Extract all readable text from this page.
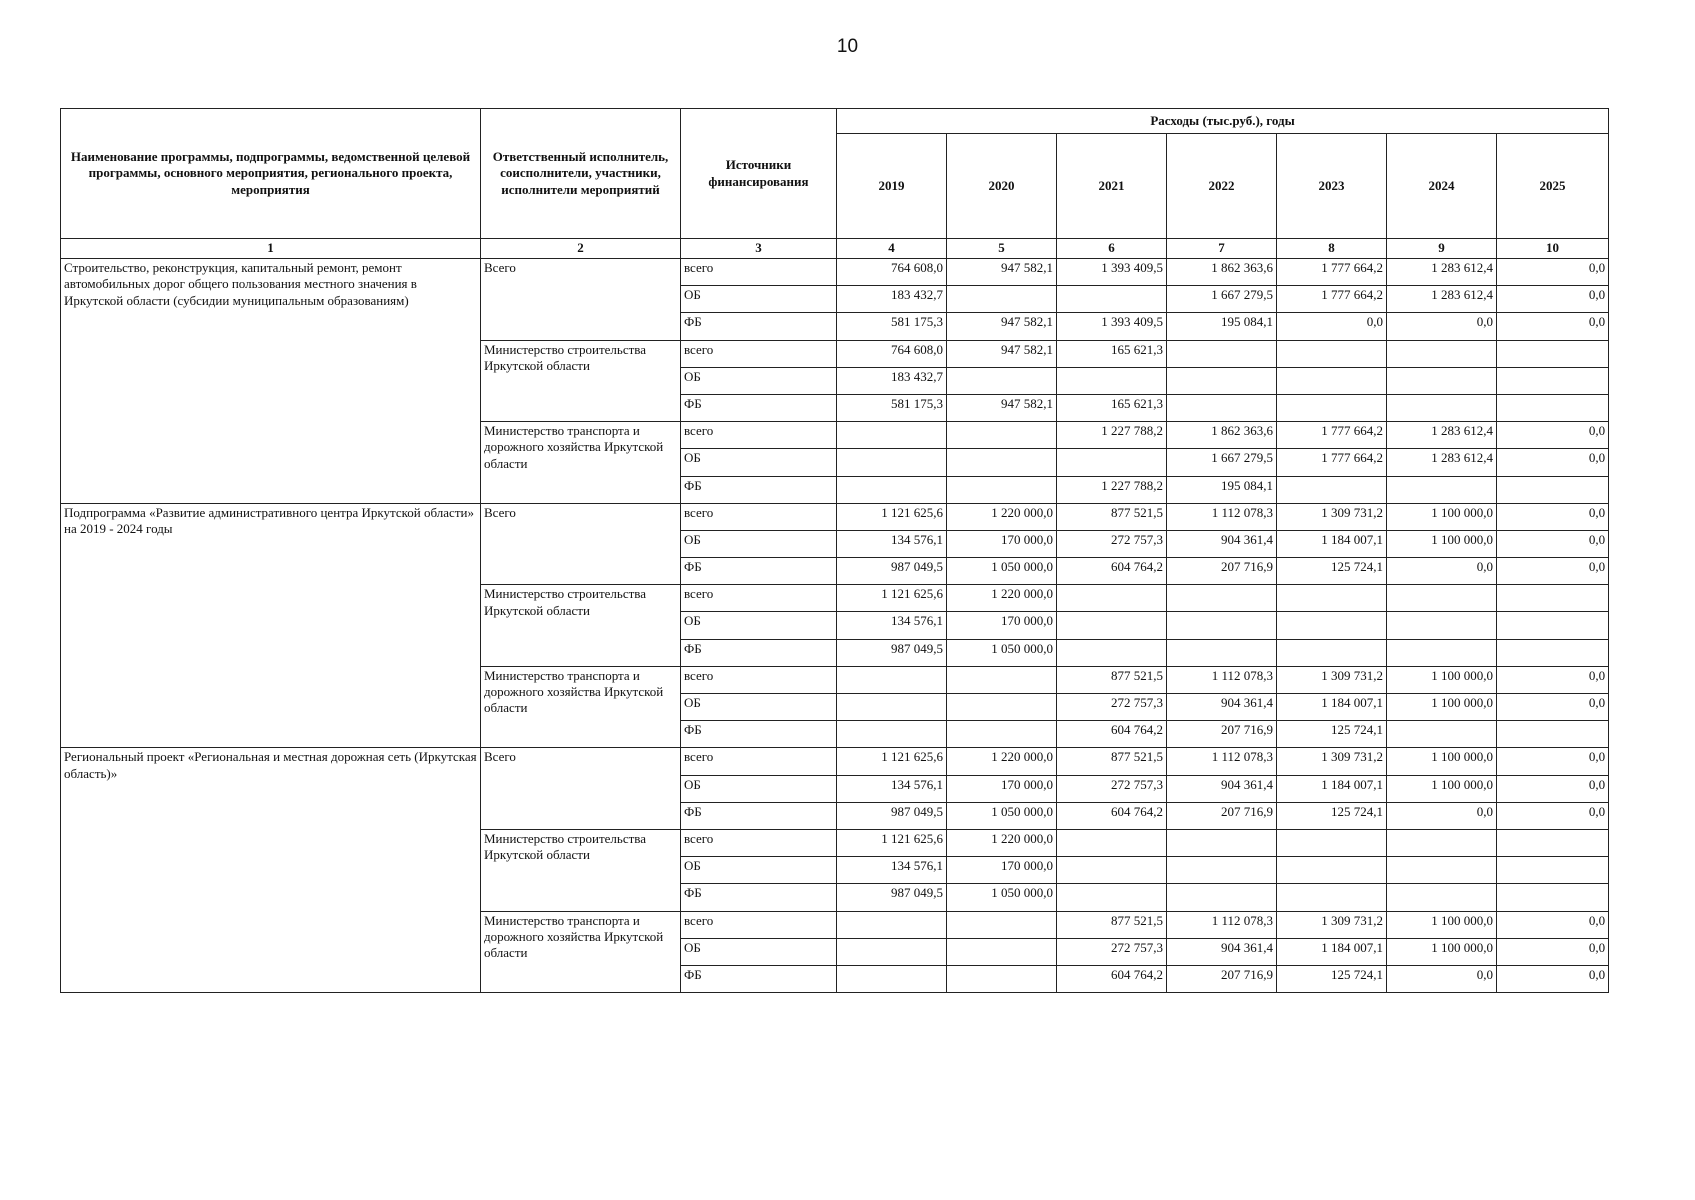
10
Наименование программы, подпрограммы, ведомственной целевой программы, основного мероприятия, регионального проекта, мероприятия	Ответственный исполнитель, соисполнители, участники, исполнители мероприятий	Источники финансирования	Расходы (тыс.руб.), годы						
			2019	2020	2021	2022	2023	2024	2025
1	2	3	4	5	6	7	8	9	10
Строительство, реконструкция, капитальный ремонт, ремонт автомобильных дорог общего пользования местного значения в Иркутской области (субсидии муниципальным образованиям)	Всего	всего	764 608,0	947 582,1	1 393 409,5	1 862 363,6	1 777 664,2	1 283 612,4	0,0
		ОБ	183 432,7			1 667 279,5	1 777 664,2	1 283 612,4	0,0
		ФБ	581 175,3	947 582,1	1 393 409,5	195 084,1	0,0	0,0	0,0
	Министерство строительства Иркутской области	всего	764 608,0	947 582,1	165 621,3				
		ОБ	183 432,7						
		ФБ	581 175,3	947 582,1	165 621,3				
	Министерство транспорта и дорожного хозяйства Иркутской области	всего			1 227 788,2	1 862 363,6	1 777 664,2	1 283 612,4	0,0
		ОБ				1 667 279,5	1 777 664,2	1 283 612,4	0,0
		ФБ			1 227 788,2	195 084,1			
Подпрограмма «Развитие административного центра Иркутской области» на 2019 - 2024 годы	Всего	всего	1 121 625,6	1 220 000,0	877 521,5	1 112 078,3	1 309 731,2	1 100 000,0	0,0
		ОБ	134 576,1	170 000,0	272 757,3	904 361,4	1 184 007,1	1 100 000,0	0,0
		ФБ	987 049,5	1 050 000,0	604 764,2	207 716,9	125 724,1	0,0	0,0
	Министерство строительства Иркутской области	всего	1 121 625,6	1 220 000,0					
		ОБ	134 576,1	170 000,0					
		ФБ	987 049,5	1 050 000,0					
	Министерство транспорта и дорожного хозяйства Иркутской области	всего			877 521,5	1 112 078,3	1 309 731,2	1 100 000,0	0,0
		ОБ			272 757,3	904 361,4	1 184 007,1	1 100 000,0	0,0
		ФБ			604 764,2	207 716,9	125 724,1		
Региональный проект «Региональная и местная дорожная сеть (Иркутская область)»	Всего	всего	1 121 625,6	1 220 000,0	877 521,5	1 112 078,3	1 309 731,2	1 100 000,0	0,0
		ОБ	134 576,1	170 000,0	272 757,3	904 361,4	1 184 007,1	1 100 000,0	0,0
		ФБ	987 049,5	1 050 000,0	604 764,2	207 716,9	125 724,1	0,0	0,0
	Министерство строительства Иркутской области	всего	1 121 625,6	1 220 000,0					
		ОБ	134 576,1	170 000,0					
		ФБ	987 049,5	1 050 000,0					
	Министерство транспорта и дорожного хозяйства Иркутской области	всего			877 521,5	1 112 078,3	1 309 731,2	1 100 000,0	0,0
		ОБ			272 757,3	904 361,4	1 184 007,1	1 100 000,0	0,0
		ФБ			604 764,2	207 716,9	125 724,1	0,0	0,0
